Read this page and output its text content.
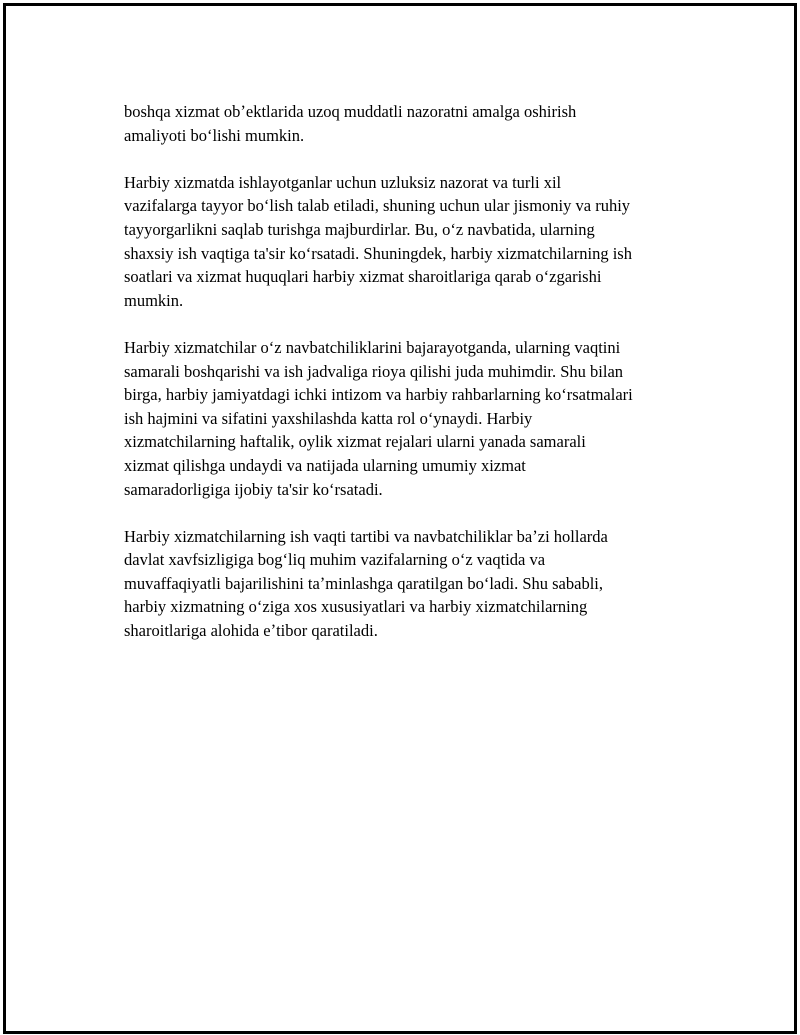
boshqa xizmat obʼektlarida uzoq muddatli nazoratni amalga oshirish
amaliyoti boʻlishi mumkin.

Harbiy xizmatda ishlayotganlar uchun uzluksiz nazorat va turli xil
vazifalarga tayyor boʻlish talab etiladi, shuning uchun ular jismoniy va ruhiy
tayyorgarlikni saqlab turishga majburdirlar. Bu, oʻz navbatida, ularning
shaxsiy ish vaqtiga ta'sir koʻrsatadi. Shuningdek, harbiy xizmatchilarning ish
soatlari va xizmat huquqlari harbiy xizmat sharoitlariga qarab oʻzgarishi
mumkin.

Harbiy xizmatchilar oʻz navbatchiliklarini bajarayotganda, ularning vaqtini
samarali boshqarishi va ish jadvaliga rioya qilishi juda muhimdir. Shu bilan
birga, harbiy jamiyatdagi ichki intizom va harbiy rahbarlarning koʻrsatmalari
ish hajmini va sifatini yaxshilashda katta rol oʻynaydi. Harbiy
xizmatchilarning haftalik, oylik xizmat rejalari ularni yanada samarali
xizmat qilishga undaydi va natijada ularning umumiy xizmat
samaradorligiga ijobiy ta'sir koʻrsatadi.

Harbiy xizmatchilarning ish vaqti tartibi va navbatchiliklar baʼzi hollarda
davlat xavfsizligiga bogʻliq muhim vazifalarning oʻz vaqtida va
muvaffaqiyatli bajarilishini taʼminlashga qaratilgan boʻladi. Shu sababli,
harbiy xizmatning oʻziga xos xususiyatlari va harbiy xizmatchilarning
sharoitlariga alohida eʼtibor qaratiladi.
